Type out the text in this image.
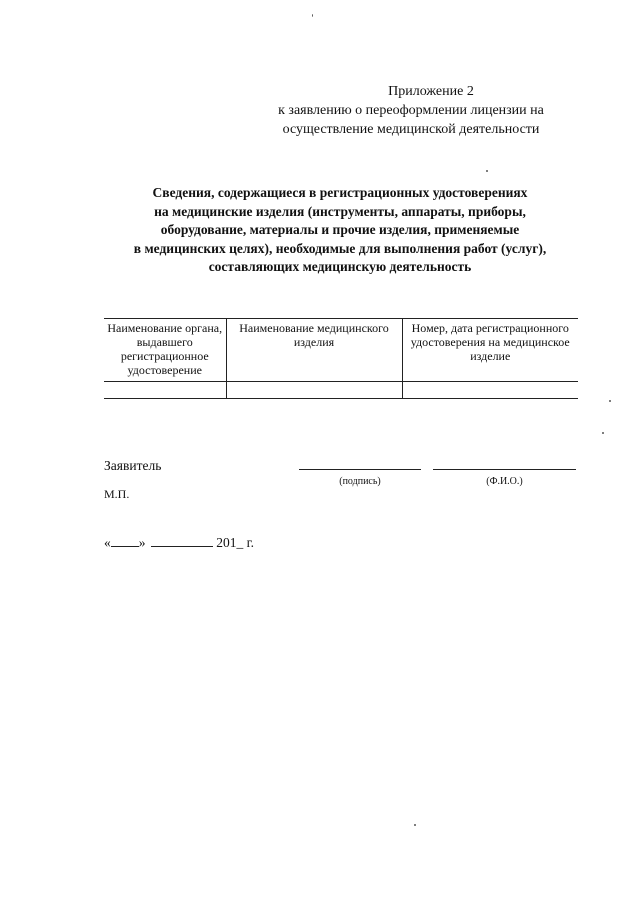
Приложение 2
к заявлению о переоформлении лицензии на
осуществление медицинской деятельности
Сведения, содержащиеся в регистрационных удостоверениях
на медицинские изделия (инструменты, аппараты, приборы,
оборудование, материалы и прочие изделия, применяемые
в медицинских целях), необходимые для выполнения работ (услуг),
составляющих медицинскую деятельность
Наименование органа, выдавшего регистрационное удостоверение	Наименование медицинского изделия	Номер, дата регистрационного удостоверения на медицинское изделие

Заявитель
(подпись)	(Ф.И.О.)
М.П.
« »	201_ г.
